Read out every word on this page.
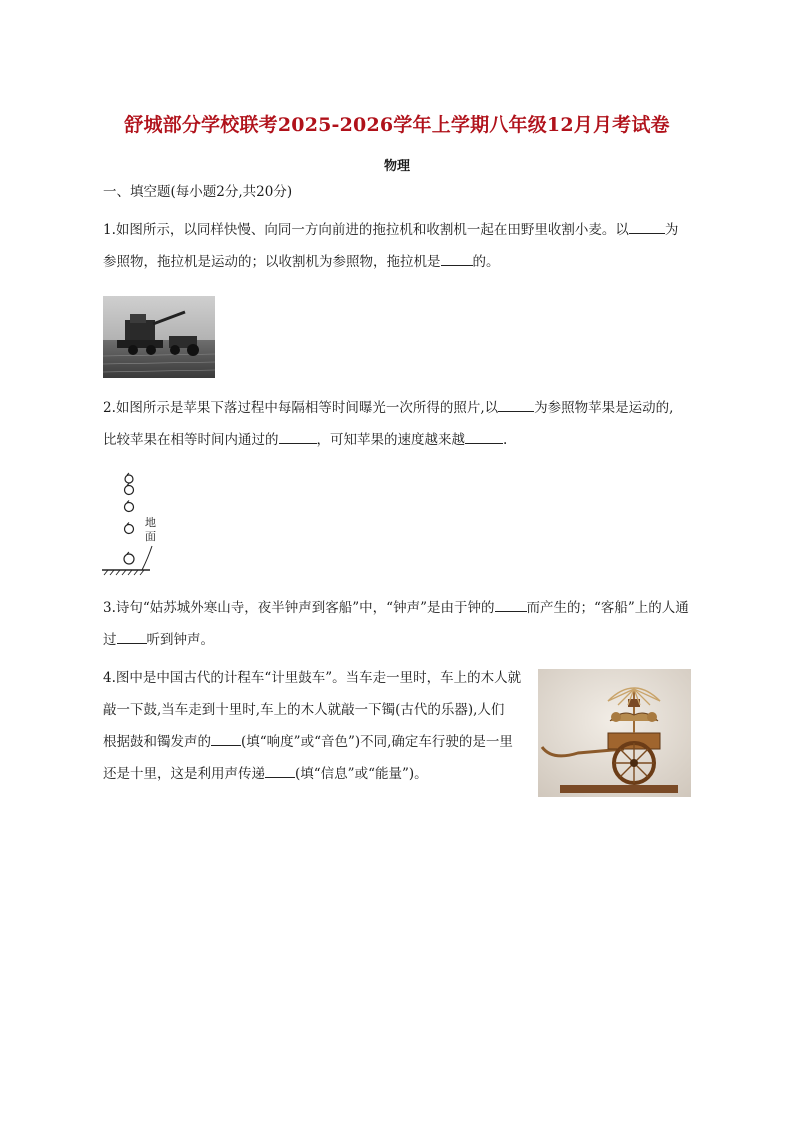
舒城部分学校联考2025-2026学年上学期八年级12月月考试卷
物理
一、填空题(每小题2分,共20分)

1.如图所示，以同样快慢、向同一方向前进的拖拉机和收割机一起在田野里收割小麦。以	为

参照物，拖拉机是运动的；以收割机为参照物，拖拉机是 的。

2.如图所示是苹果下落过程中每隔相等时间曝光一次所得的照片,以	为参照物苹果是运动的,

比较苹果在相等时间内通过的	，可知苹果的速度越来越	.

地 面

3.诗句“姑苏城外寒山寺，夜半钟声到客船”中，“钟声”是由于钟的 而产生的；“客船”上的人通

过 听到钟声。

4.图中是中国古代的计程车“计里鼓车”。当车走一里时，车上的木人就

敲一下鼓,当车走到十里时,车上的木人就敲一下镯(古代的乐器),人们

根据鼓和镯发声的 (填“响度”或“音色”)不同,确定车行驶的是一里

还是十里，这是利用声传递 (填“信息”或“能量”)。
